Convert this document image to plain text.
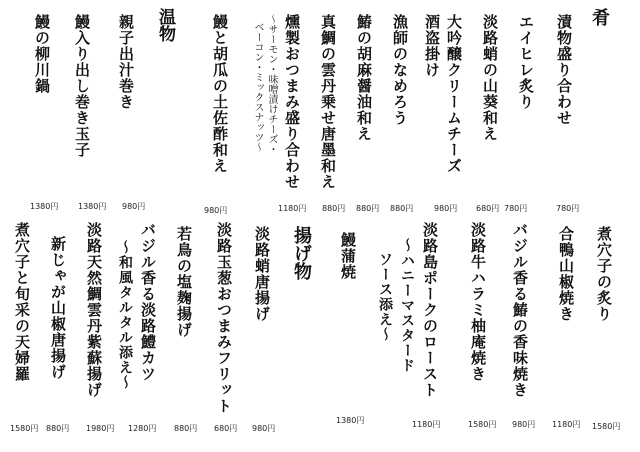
肴
漬物盛り合わせ
780円
エイヒレ炙り
780円
淡路蛸の山葵和え
680円
大吟醸クリームチーズ
980円
酒盗掛け
漁師のなめろう
880円
鰆の胡麻醤油和え
880円
真鯛の雲丹乗せ唐墨和え
880円
燻製おつまみ盛り合わせ
～サーモン・味噌漬けチーズ・
ベーコン・ミックスナッツ～
1180円
鰻と胡瓜の土佐酢和え
980円
温物
親子出汁巻き
980円
鰻入り出し巻き玉子
1380円
鰻の柳川鍋
1380円
煮穴子の炙り
1580円
合鴨山椒焼き
1180円
バジル香る鰆の香味焼き
980円
淡路牛ハラミ柚庵焼き
1580円
淡路島ポークのロースト
～ハニーマスタード
ソース添え～
1180円
鰻蒲焼
1380円
揚げ物
淡路蛸唐揚げ
980円
淡路玉葱おつまみフリット
680円
若鳥の塩麹揚げ
880円
バジル香る淡路鱧カツ
～和風タルタル添え～
1280円
淡路天然鯛雲丹紫蘇揚げ
1980円
新じゃが山椒唐揚げ
880円
煮穴子と旬采の天婦羅
1580円
